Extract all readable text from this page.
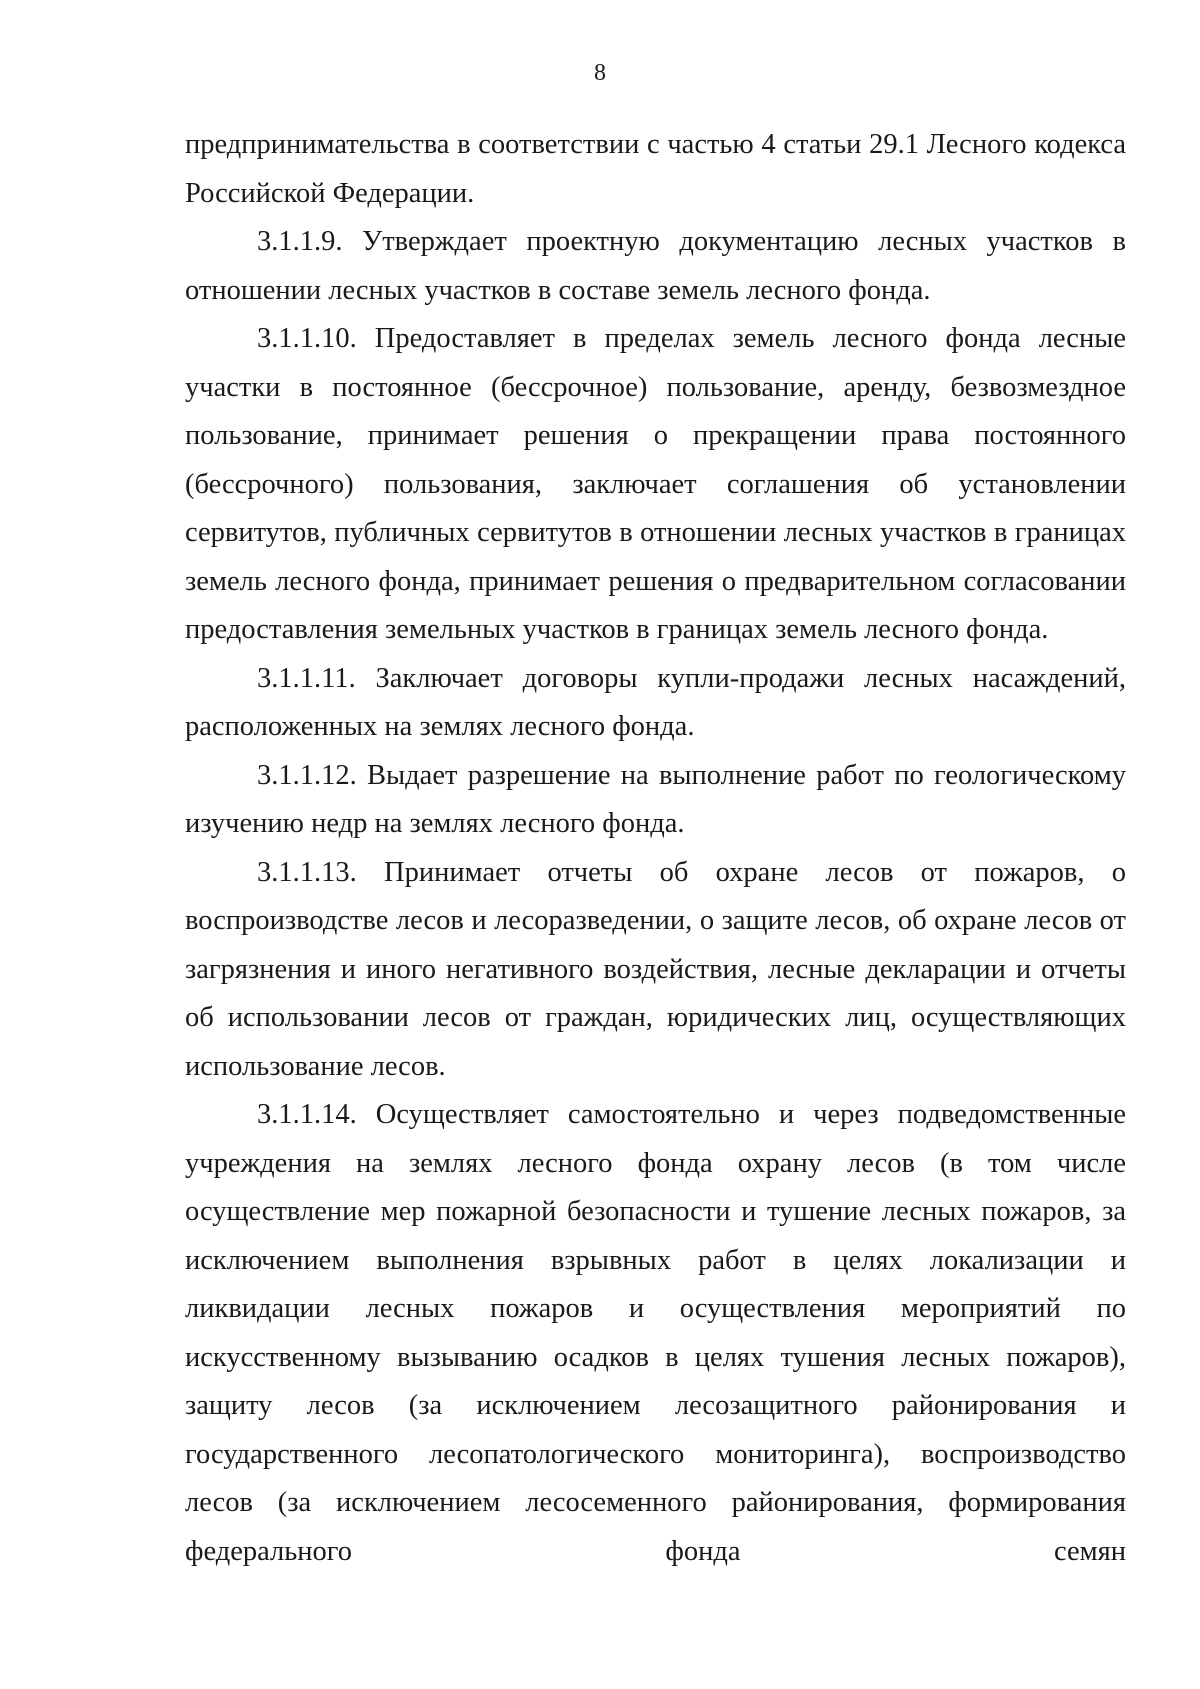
8

предпринимательства в соответствии с частью 4 статьи 29.1 Лесного кодекса Российской Федерации.

3.1.1.9. Утверждает проектную документацию лесных участков в отношении лесных участков в составе земель лесного фонда.

3.1.1.10. Предоставляет в пределах земель лесного фонда лесные участки в постоянное (бессрочное) пользование, аренду, безвозмездное пользование, принимает решения о прекращении права постоянного (бессрочного) пользования, заключает соглашения об установлении сервитутов, публичных сервитутов в отношении лесных участков в границах земель лесного фонда, принимает решения о предварительном согласовании предоставления земельных участков в границах земель лесного фонда.

3.1.1.11. Заключает договоры купли-продажи лесных насаждений, расположенных на землях лесного фонда.

3.1.1.12. Выдает разрешение на выполнение работ по геологическому изучению недр на землях лесного фонда.

3.1.1.13. Принимает отчеты об охране лесов от пожаров, о воспроизводстве лесов и лесоразведении, о защите лесов, об охране лесов от загрязнения и иного негативного воздействия, лесные декларации и отчеты об использовании лесов от граждан, юридических лиц, осуществляющих использование лесов.

3.1.1.14. Осуществляет самостоятельно и через подведомственные учреждения на землях лесного фонда охрану лесов (в том числе осуществление мер пожарной безопасности и тушение лесных пожаров, за исключением выполнения взрывных работ в целях локализации и ликвидации лесных пожаров и осуществления мероприятий по искусственному вызыванию осадков в целях тушения лесных пожаров), защиту лесов (за исключением лесозащитного районирования и государственного лесопатологического мониторинга), воспроизводство лесов (за исключением лесосеменного районирования, формирования федерального фонда семян
